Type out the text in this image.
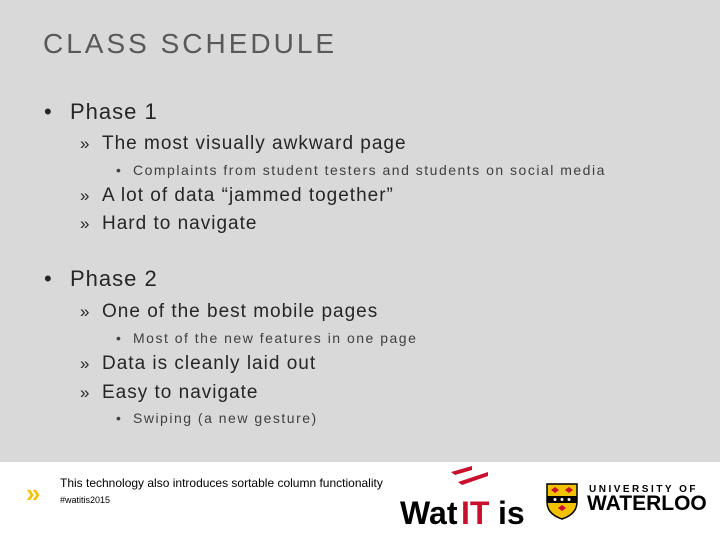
CLASS SCHEDULE
• Phase 1
» The most visually awkward page
• Complaints from student testers and students on social media
» A lot of data “jammed together”
» Hard to navigate
• Phase 2
» One of the best mobile pages
• Most of the new features in one page
» Data is cleanly laid out
» Easy to navigate
• Swiping (a new gesture)
» This technology also introduces sortable column functionality
#watitis2015	Wat IT is
UNIVERSITY OF
WATERLOO
